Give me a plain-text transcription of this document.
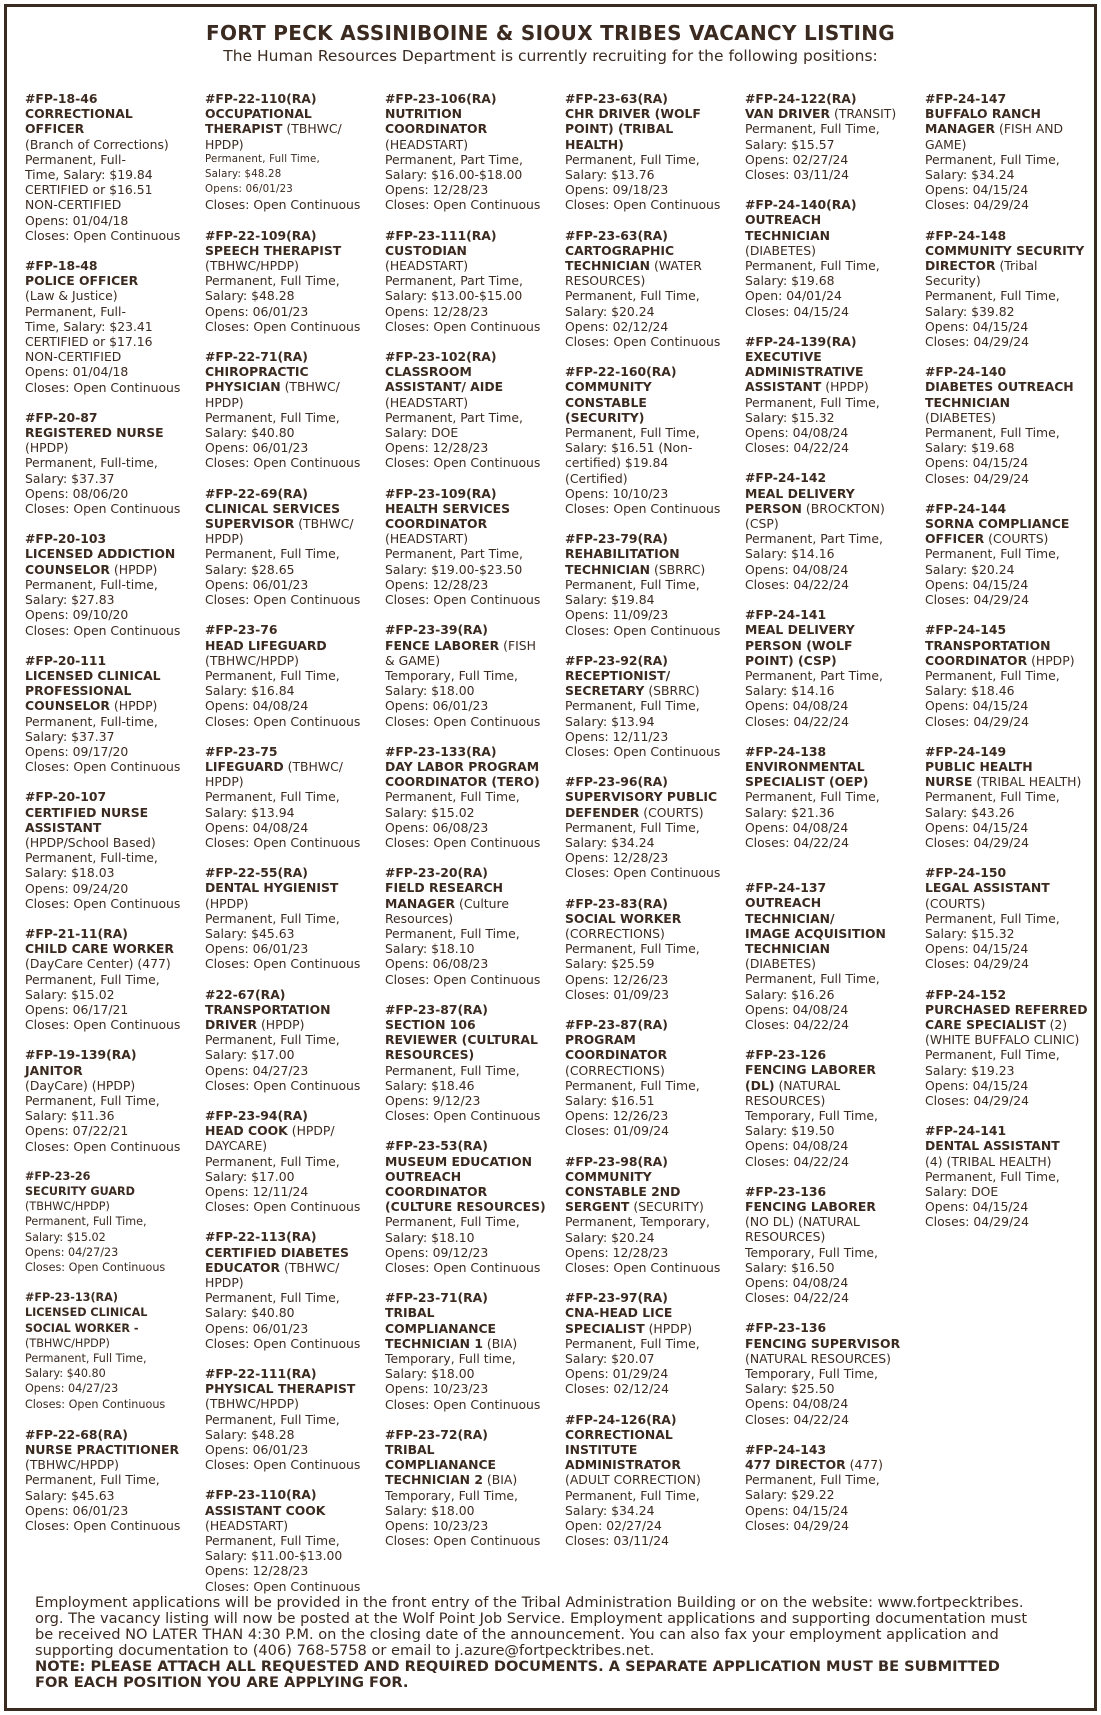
FORT PECK ASSINIBOINE & SIOUX TRIBES VACANCY LISTING
The Human Resources Department is currently recruiting for the following positions:
#FP-18-46
CORRECTIONAL
OFFICER
(Branch of Corrections)
Permanent, Full-
Time, Salary: $19.84
CERTIFIED or $16.51
NON-CERTIFIED
Opens: 01/04/18
Closes: Open Continuous
#FP-18-48
POLICE OFFICER
(Law & Justice)
Permanent, Full-
Time, Salary: $23.41
CERTIFIED or $17.16
NON-CERTIFIED
Opens: 01/04/18
Closes: Open Continuous
#FP-20-87
REGISTERED NURSE
(HPDP)
Permanent, Full-time,
Salary: $37.37
Opens: 08/06/20
Closes: Open Continuous
#FP-20-103
LICENSED ADDICTION
COUNSELOR (HPDP)
Permanent, Full-time,
Salary: $27.83
Opens: 09/10/20
Closes: Open Continuous
#FP-20-111
LICENSED CLINICAL
PROFESSIONAL
COUNSELOR (HPDP)
Permanent, Full-time,
Salary: $37.37
Opens: 09/17/20
Closes: Open Continuous
#FP-20-107
CERTIFIED NURSE
ASSISTANT
(HPDP/School Based)
Permanent, Full-time,
Salary: $18.03
Opens: 09/24/20
Closes: Open Continuous
#FP-21-11(RA)
CHILD CARE WORKER
(DayCare Center) (477)
Permanent, Full Time,
Salary: $15.02
Opens: 06/17/21
Closes: Open Continuous
#FP-19-139(RA)
JANITOR
(DayCare) (HPDP)
Permanent, Full Time,
Salary: $11.36
Opens: 07/22/21
Closes: Open Continuous
#FP-23-26
SECURITY GUARD
(TBHWC/HPDP)
Permanent, Full Time,
Salary: $15.02
Opens: 04/27/23
Closes: Open Continuous
#FP-23-13(RA)
LICENSED CLINICAL
SOCIAL WORKER -
(TBHWC/HPDP)
Permanent, Full Time,
Salary: $40.80
Opens: 04/27/23
Closes: Open Continuous
#FP-22-68(RA)
NURSE PRACTITIONER
(TBHWC/HPDP)
Permanent, Full Time,
Salary: $45.63
Opens: 06/01/23
Closes: Open Continuous
#FP-22-110(RA)
OCCUPATIONAL
THERAPIST (TBHWC/
HPDP)
Permanent, Full Time,
Salary: $48.28
Opens: 06/01/23
Closes: Open Continuous
#FP-22-109(RA)
SPEECH THERAPIST
(TBHWC/HPDP)
Permanent, Full Time,
Salary: $48.28
Opens: 06/01/23
Closes: Open Continuous
#FP-22-71(RA)
CHIROPRACTIC
PHYSICIAN (TBHWC/
HPDP)
Permanent, Full Time,
Salary: $40.80
Opens: 06/01/23
Closes: Open Continuous
#FP-22-69(RA)
CLINICAL SERVICES
SUPERVISOR (TBHWC/
HPDP)
Permanent, Full Time,
Salary: $28.65
Opens: 06/01/23
Closes: Open Continuous
#FP-23-76
HEAD LIFEGUARD
(TBHWC/HPDP)
Permanent, Full Time,
Salary: $16.84
Opens: 04/08/24
Closes: Open Continuous
#FP-23-75
LIFEGUARD (TBHWC/
HPDP)
Permanent, Full Time,
Salary: $13.94
Opens: 04/08/24
Closes: Open Continuous
#FP-22-55(RA)
DENTAL HYGIENIST
(HPDP)
Permanent, Full Time,
Salary: $45.63
Opens: 06/01/23
Closes: Open Continuous
#22-67(RA)
TRANSPORTATION
DRIVER (HPDP)
Permanent, Full Time,
Salary: $17.00
Opens: 04/27/23
Closes: Open Continuous
#FP-23-94(RA)
HEAD COOK (HPDP/
DAYCARE)
Permanent, Full Time,
Salary: $17.00
Opens: 12/11/24
Closes: Open Continuous
#FP-22-113(RA)
CERTIFIED DIABETES
EDUCATOR (TBHWC/
HPDP)
Permanent, Full Time,
Salary: $40.80
Opens: 06/01/23
Closes: Open Continuous
#FP-22-111(RA)
PHYSICAL THERAPIST
(TBHWC/HPDP)
Permanent, Full Time,
Salary: $48.28
Opens: 06/01/23
Closes: Open Continuous
#FP-23-110(RA)
ASSISTANT COOK
(HEADSTART)
Permanent, Full Time,
Salary: $11.00-$13.00
Opens: 12/28/23
Closes: Open Continuous
#FP-23-106(RA)
NUTRITION
COORDINATOR
(HEADSTART)
Permanent, Part Time,
Salary: $16.00-$18.00
Opens: 12/28/23
Closes: Open Continuous
#FP-23-111(RA)
CUSTODIAN
(HEADSTART)
Permanent, Part Time,
Salary: $13.00-$15.00
Opens: 12/28/23
Closes: Open Continuous
#FP-23-102(RA)
CLASSROOM
ASSISTANT/ AIDE
(HEADSTART)
Permanent, Part Time,
Salary: DOE
Opens: 12/28/23
Closes: Open Continuous
#FP-23-109(RA)
HEALTH SERVICES
COORDINATOR
(HEADSTART)
Permanent, Part Time,
Salary: $19.00-$23.50
Opens: 12/28/23
Closes: Open Continuous
#FP-23-39(RA)
FENCE LABORER (FISH
& GAME)
Temporary, Full Time,
Salary: $18.00
Opens: 06/01/23
Closes: Open Continuous
#FP-23-133(RA)
DAY LABOR PROGRAM
COORDINATOR (TERO)
Permanent, Full Time,
Salary: $15.02
Opens: 06/08/23
Closes: Open Continuous
#FP-23-20(RA)
FIELD RESEARCH
MANAGER (Culture
Resources)
Permanent, Full Time,
Salary: $18.10
Opens: 06/08/23
Closes: Open Continuous
#FP-23-87(RA)
SECTION 106
REVIEWER (CULTURAL
RESOURCES)
Permanent, Full Time,
Salary: $18.46
Opens: 9/12/23
Closes: Open Continuous
#FP-23-53(RA)
MUSEUM EDUCATION
OUTREACH
COORDINATOR
(CULTURE RESOURCES)
Permanent, Full Time,
Salary: $18.10
Opens: 09/12/23
Closes: Open Continuous
#FP-23-71(RA)
TRIBAL
COMPLIANANCE
TECHNICIAN 1 (BIA)
Temporary, Full time,
Salary: $18.00
Opens: 10/23/23
Closes: Open Continuous
#FP-23-72(RA)
TRIBAL
COMPLIANANCE
TECHNICIAN 2 (BIA)
Temporary, Full Time,
Salary: $18.00
Opens: 10/23/23
Closes: Open Continuous
#FP-23-63(RA)
CHR DRIVER (WOLF
POINT) (TRIBAL
HEALTH)
Permanent, Full Time,
Salary: $13.76
Opens: 09/18/23
Closes: Open Continuous
#FP-23-63(RA)
CARTOGRAPHIC
TECHNICIAN (WATER
RESOURCES)
Permanent, Full Time,
Salary: $20.24
Opens: 02/12/24
Closes: Open Continuous
#FP-22-160(RA)
COMMUNITY
CONSTABLE
(SECURITY)
Permanent, Full Time,
Salary: $16.51 (Non-
certified) $19.84
(Certified)
Opens: 10/10/23
Closes: Open Continuous
#FP-23-79(RA)
REHABILITATION
TECHNICIAN (SBRRC)
Permanent, Full Time,
Salary: $19.84
Opens: 11/09/23
Closes: Open Continuous
#FP-23-92(RA)
RECEPTIONIST/
SECRETARY (SBRRC)
Permanent, Full Time,
Salary: $13.94
Opens: 12/11/23
Closes: Open Continuous
#FP-23-96(RA)
SUPERVISORY PUBLIC
DEFENDER (COURTS)
Permanent, Full Time,
Salary: $34.24
Opens: 12/28/23
Closes: Open Continuous
#FP-23-83(RA)
SOCIAL WORKER
(CORRECTIONS)
Permanent, Full Time,
Salary: $25.59
Opens: 12/26/23
Closes: 01/09/23
#FP-23-87(RA)
PROGRAM
COORDINATOR
(CORRECTIONS)
Permanent, Full Time,
Salary: $16.51
Opens: 12/26/23
Closes: 01/09/24
#FP-23-98(RA)
COMMUNITY
CONSTABLE 2ND
SERGENT (SECURITY)
Permanent, Temporary,
Salary: $20.24
Opens: 12/28/23
Closes: Open Continuous
#FP-23-97(RA)
CNA-HEAD LICE
SPECIALIST (HPDP)
Permanent, Full Time,
Salary: $20.07
Opens: 01/29/24
Closes: 02/12/24
#FP-24-126(RA)
CORRECTIONAL
INSTITUTE
ADMINISTRATOR
(ADULT CORRECTION)
Permanent, Full Time,
Salary: $34.24
Open: 02/27/24
Closes: 03/11/24
#FP-24-122(RA)
VAN DRIVER (TRANSIT)
Permanent, Full Time,
Salary: $15.57
Opens: 02/27/24
Closes: 03/11/24
#FP-24-140(RA)
OUTREACH
TECHNICIAN
(DIABETES)
Permanent, Full Time,
Salary: $19.68
Open: 04/01/24
Closes: 04/15/24
#FP-24-139(RA)
EXECUTIVE
ADMINISTRATIVE
ASSISTANT (HPDP)
Permanent, Full Time,
Salary: $15.32
Opens: 04/08/24
Closes: 04/22/24
#FP-24-142
MEAL DELIVERY
PERSON (BROCKTON)
(CSP)
Permanent, Part Time,
Salary: $14.16
Opens: 04/08/24
Closes: 04/22/24
#FP-24-141
MEAL DELIVERY
PERSON (WOLF
POINT) (CSP)
Permanent, Part Time,
Salary: $14.16
Opens: 04/08/24
Closes: 04/22/24
#FP-24-138
ENVIRONMENTAL
SPECIALIST (OEP)
Permanent, Full Time,
Salary: $21.36
Opens: 04/08/24
Closes: 04/22/24
#FP-24-137
OUTREACH
TECHNICIAN/
IMAGE ACQUISITION
TECHNICIAN
(DIABETES)
Permanent, Full Time,
Salary: $16.26
Opens: 04/08/24
Closes: 04/22/24
#FP-23-126
FENCING LABORER
(DL) (NATURAL
RESOURCES)
Temporary, Full Time,
Salary: $19.50
Opens: 04/08/24
Closes: 04/22/24
#FP-23-136
FENCING LABORER
(NO DL) (NATURAL
RESOURCES)
Temporary, Full Time,
Salary: $16.50
Opens: 04/08/24
Closes: 04/22/24
#FP-23-136
FENCING SUPERVISOR
(NATURAL RESOURCES)
Temporary, Full Time,
Salary: $25.50
Opens: 04/08/24
Closes: 04/22/24
#FP-24-143
477 DIRECTOR (477)
Permanent, Full Time,
Salary: $29.22
Opens: 04/15/24
Closes: 04/29/24
#FP-24-147
BUFFALO RANCH
MANAGER (FISH AND
GAME)
Permanent, Full Time,
Salary: $34.24
Opens: 04/15/24
Closes: 04/29/24
#FP-24-148
COMMUNITY SECURITY
DIRECTOR (Tribal
Security)
Permanent, Full Time,
Salary: $39.82
Opens: 04/15/24
Closes: 04/29/24
#FP-24-140
DIABETES OUTREACH
TECHNICIAN
(DIABETES)
Permanent, Full Time,
Salary: $19.68
Opens: 04/15/24
Closes: 04/29/24
#FP-24-144
SORNA COMPLIANCE
OFFICER (COURTS)
Permanent, Full Time,
Salary: $20.24
Opens: 04/15/24
Closes: 04/29/24
#FP-24-145
TRANSPORTATION
COORDINATOR (HPDP)
Permanent, Full Time,
Salary: $18.46
Opens: 04/15/24
Closes: 04/29/24
#FP-24-149
PUBLIC HEALTH
NURSE (TRIBAL HEALTH)
Permanent, Full Time,
Salary: $43.26
Opens: 04/15/24
Closes: 04/29/24
#FP-24-150
LEGAL ASSISTANT
(COURTS)
Permanent, Full Time,
Salary: $15.32
Opens: 04/15/24
Closes: 04/29/24
#FP-24-152
PURCHASED REFERRED
CARE SPECIALIST (2)
(WHITE BUFFALO CLINIC)
Permanent, Full Time,
Salary: $19.23
Opens: 04/15/24
Closes: 04/29/24
#FP-24-141
DENTAL ASSISTANT
(4) (TRIBAL HEALTH)
Permanent, Full Time,
Salary: DOE
Opens: 04/15/24
Closes: 04/29/24
Employment applications will be provided in the front entry of the Tribal Administration Building or on the website: www.fortpecktribes.
org. The vacancy listing will now be posted at the Wolf Point Job Service. Employment applications and supporting documentation must
be received NO LATER THAN 4:30 P.M. on the closing date of the announcement. You can also fax your employment application and
supporting documentation to (406) 768-5758 or email to j.azure@fortpecktribes.net.
NOTE: PLEASE ATTACH ALL REQUESTED AND REQUIRED DOCUMENTS. A SEPARATE APPLICATION MUST BE SUBMITTED
FOR EACH POSITION YOU ARE APPLYING FOR.
